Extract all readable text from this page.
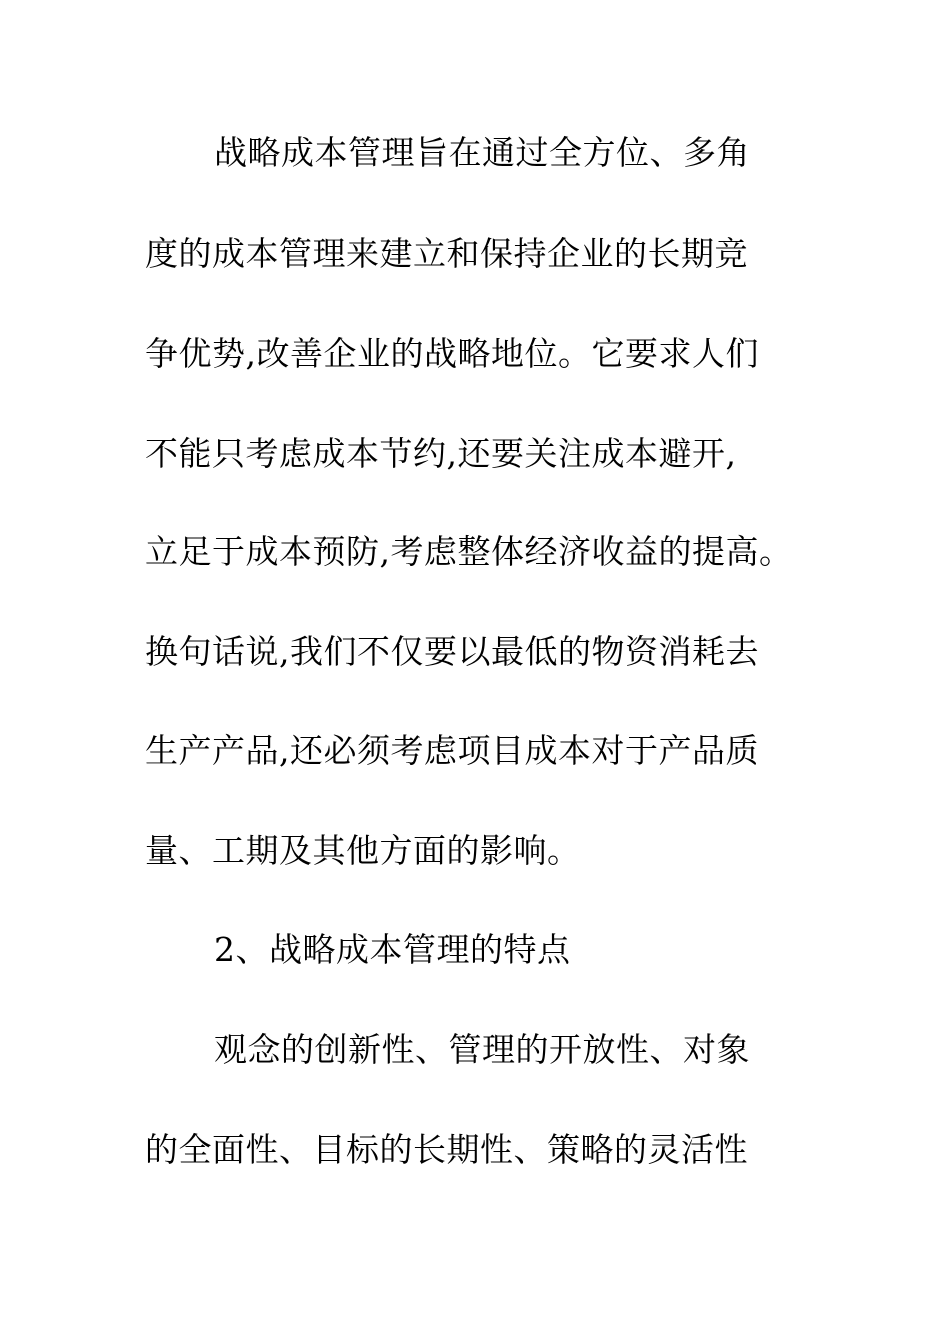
战略成本管理旨在通过全方位、多角
度的成本管理来建立和保持企业的长期竞
争优势,改善企业的战略地位。它要求人们
不能只考虑成本节约,还要关注成本避开,
立足于成本预防,考虑整体经济收益的提高。
换句话说,我们不仅要以最低的物资消耗去
生产产品,还必须考虑项目成本对于产品质
量、工期及其他方面的影响。
2、战略成本管理的特点
观念的创新性、管理的开放性、对象
的全面性、目标的长期性、策略的灵活性
